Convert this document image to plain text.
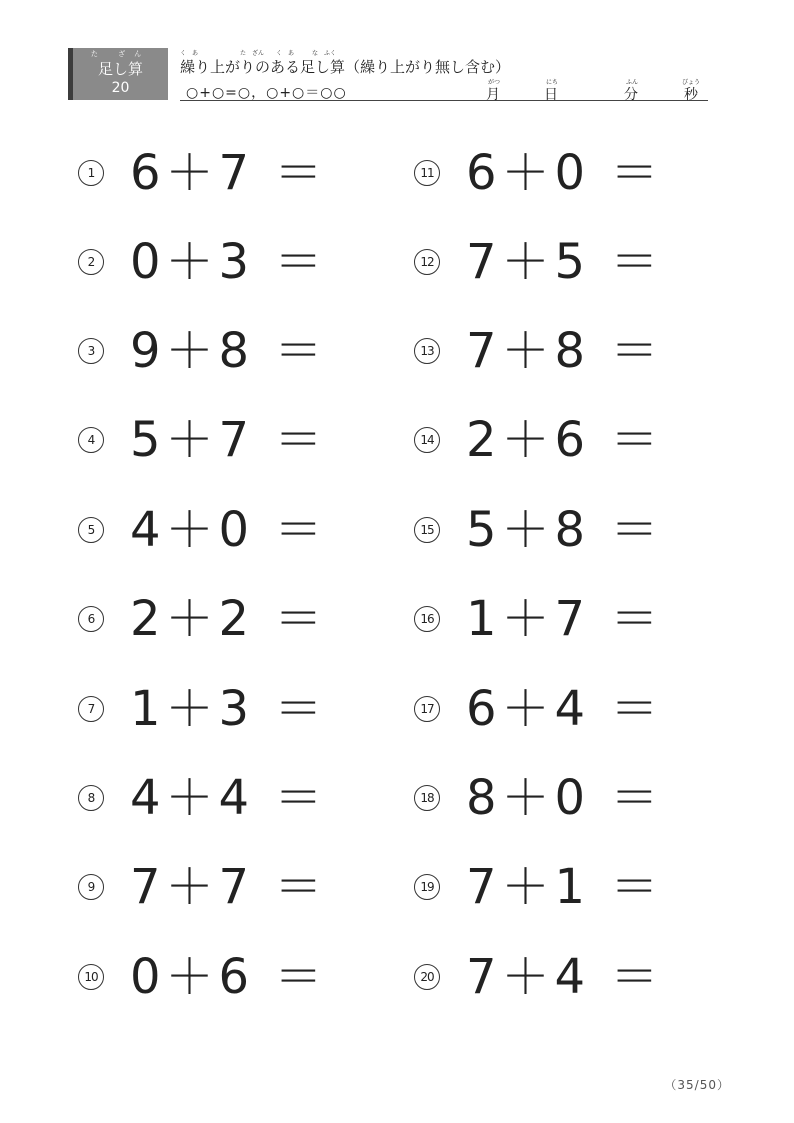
た ざん
足し算
20
く　あ　　　　　　　た　ざん　　く　あ　　　な　ふく
繰り上がりのある足し算（繰り上がり無し含む）
○+○=○，○+○＝○○
がつ
月
にち
日
ふん
分
びょう
秒
1 6＋7 ＝
2 0＋3 ＝
3 9＋8 ＝
4 5＋7 ＝
5 4＋0 ＝
6 2＋2 ＝
7 1＋3 ＝
8 4＋4 ＝
9 7＋7 ＝
10 0＋6 ＝
11 6＋0 ＝
12 7＋5 ＝
13 7＋8 ＝
14 2＋6 ＝
15 5＋8 ＝
16 1＋7 ＝
17 6＋4 ＝
18 8＋0 ＝
19 7＋1 ＝
20 7＋4 ＝
（35/50）
